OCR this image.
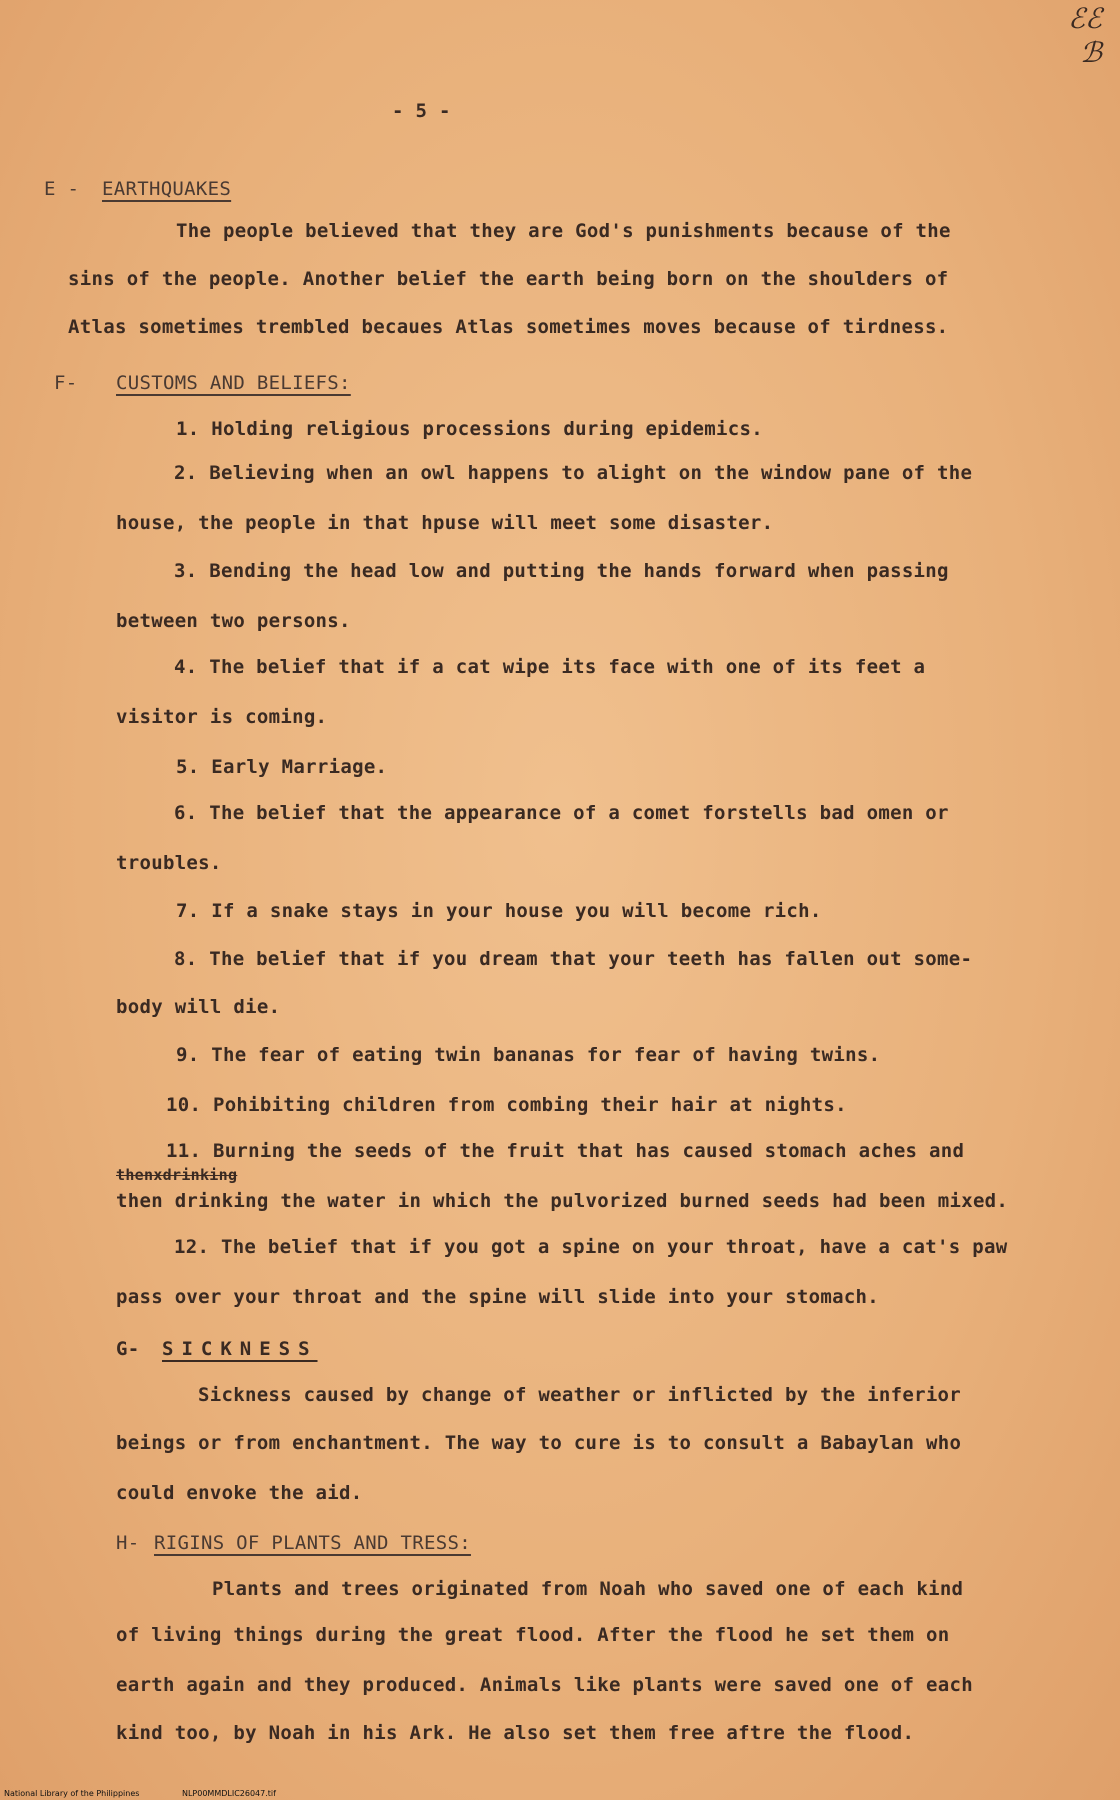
ℰℰ
ℬ
- 5 -
E - EARTHQUAKES
The people believed that they are God's punishments because of the
sins of the people. Another belief the earth being born on the shoulders of
Atlas sometimes trembled becaues Atlas sometimes moves because of tirdness.
F- CUSTOMS AND BELIEFS:
1. Holding religious processions during epidemics.
2. Believing when an owl happens to alight on the window pane of the
house, the people in that hpuse will meet some disaster.
3. Bending the head low and putting the hands forward when passing
between two persons.
4. The belief that if a cat wipe its face with one of its feet a
visitor is coming.
5. Early Marriage.
6. The belief that the appearance of a comet forstells bad omen or
troubles.
7. If a snake stays in your house you will become rich.
8. The belief that if you dream that your teeth has fallen out some-
body will die.
9. The fear of eating twin bananas for fear of having twins.
10. Pohibiting children from combing their hair at nights.
11. Burning the seeds of the fruit that has caused stomach aches and
thenxdrinking
then drinking the water in which the pulvorized burned seeds had been mixed.
12. The belief that if you got a spine on your throat, have a cat's paw
pass over your throat and the spine will slide into your stomach.
G- SICKNESS
Sickness caused by change of weather or inflicted by the inferior
beings or from enchantment. The way to cure is to consult a Babaylan who
could envoke the aid.
H- RIGINS OF PLANTS AND TRESS:
Plants and trees originated from Noah who saved one of each kind
of living things during the great flood. After the flood he set them on
earth again and they produced. Animals like plants were saved one of each
kind too, by Noah in his Ark. He also set them free aftre the flood.
National Library of the Philippines	NLP00MMDLIC26047.tif
